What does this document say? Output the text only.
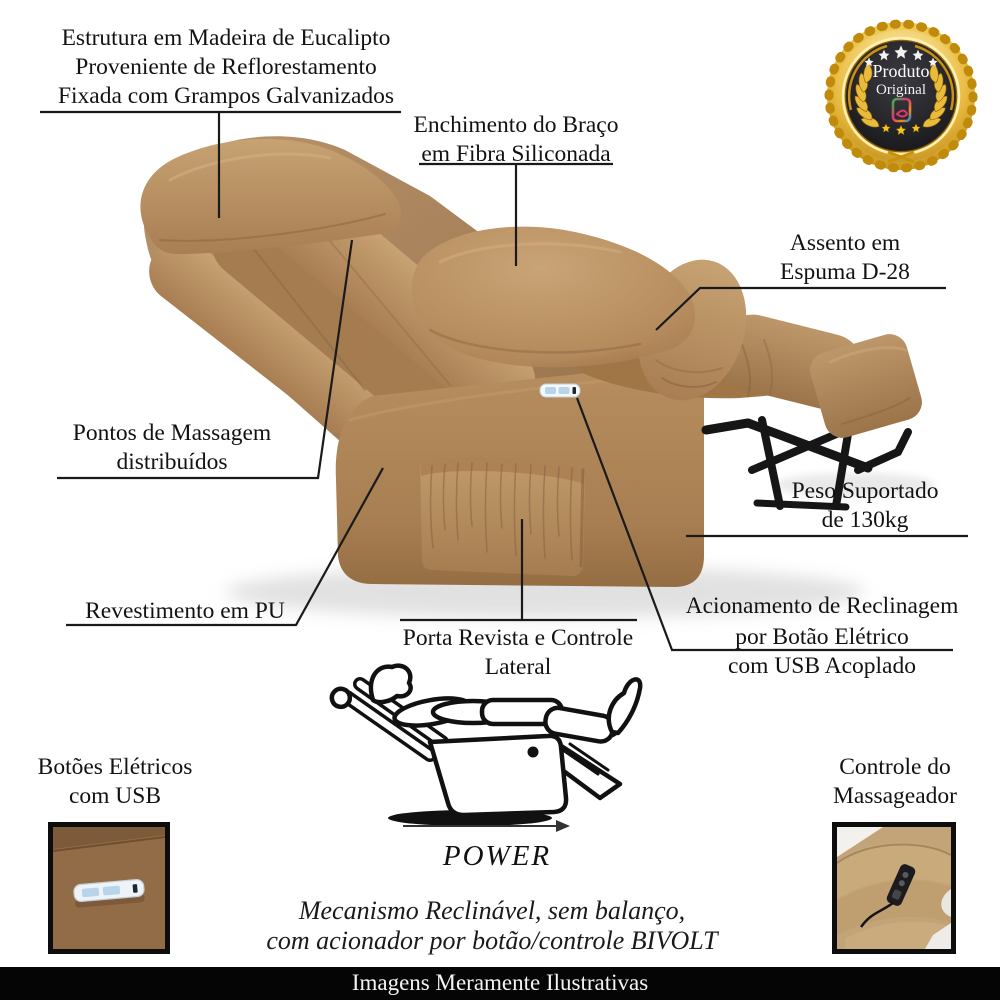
Produto
Original
Estrutura em Madeira de Eucalipto
Proveniente de Reflorestamento
Fixada com Grampos Galvanizados
Enchimento do Braço
em Fibra Siliconada
Assento em
Espuma D-28
Pontos de Massagem
distribuídos
Peso Suportado
de 130kg
Revestimento em PU	Acionamento de Reclinagem
por Botão Elétrico
com USB Acoplado
Porta Revista e Controle
Lateral
Botões Elétricos
com USB
Controle do
Massageador
POWER
Mecanismo Reclinável, sem balanço,
com acionador por botão/controle BIVOLT
Imagens Meramente Ilustrativas
